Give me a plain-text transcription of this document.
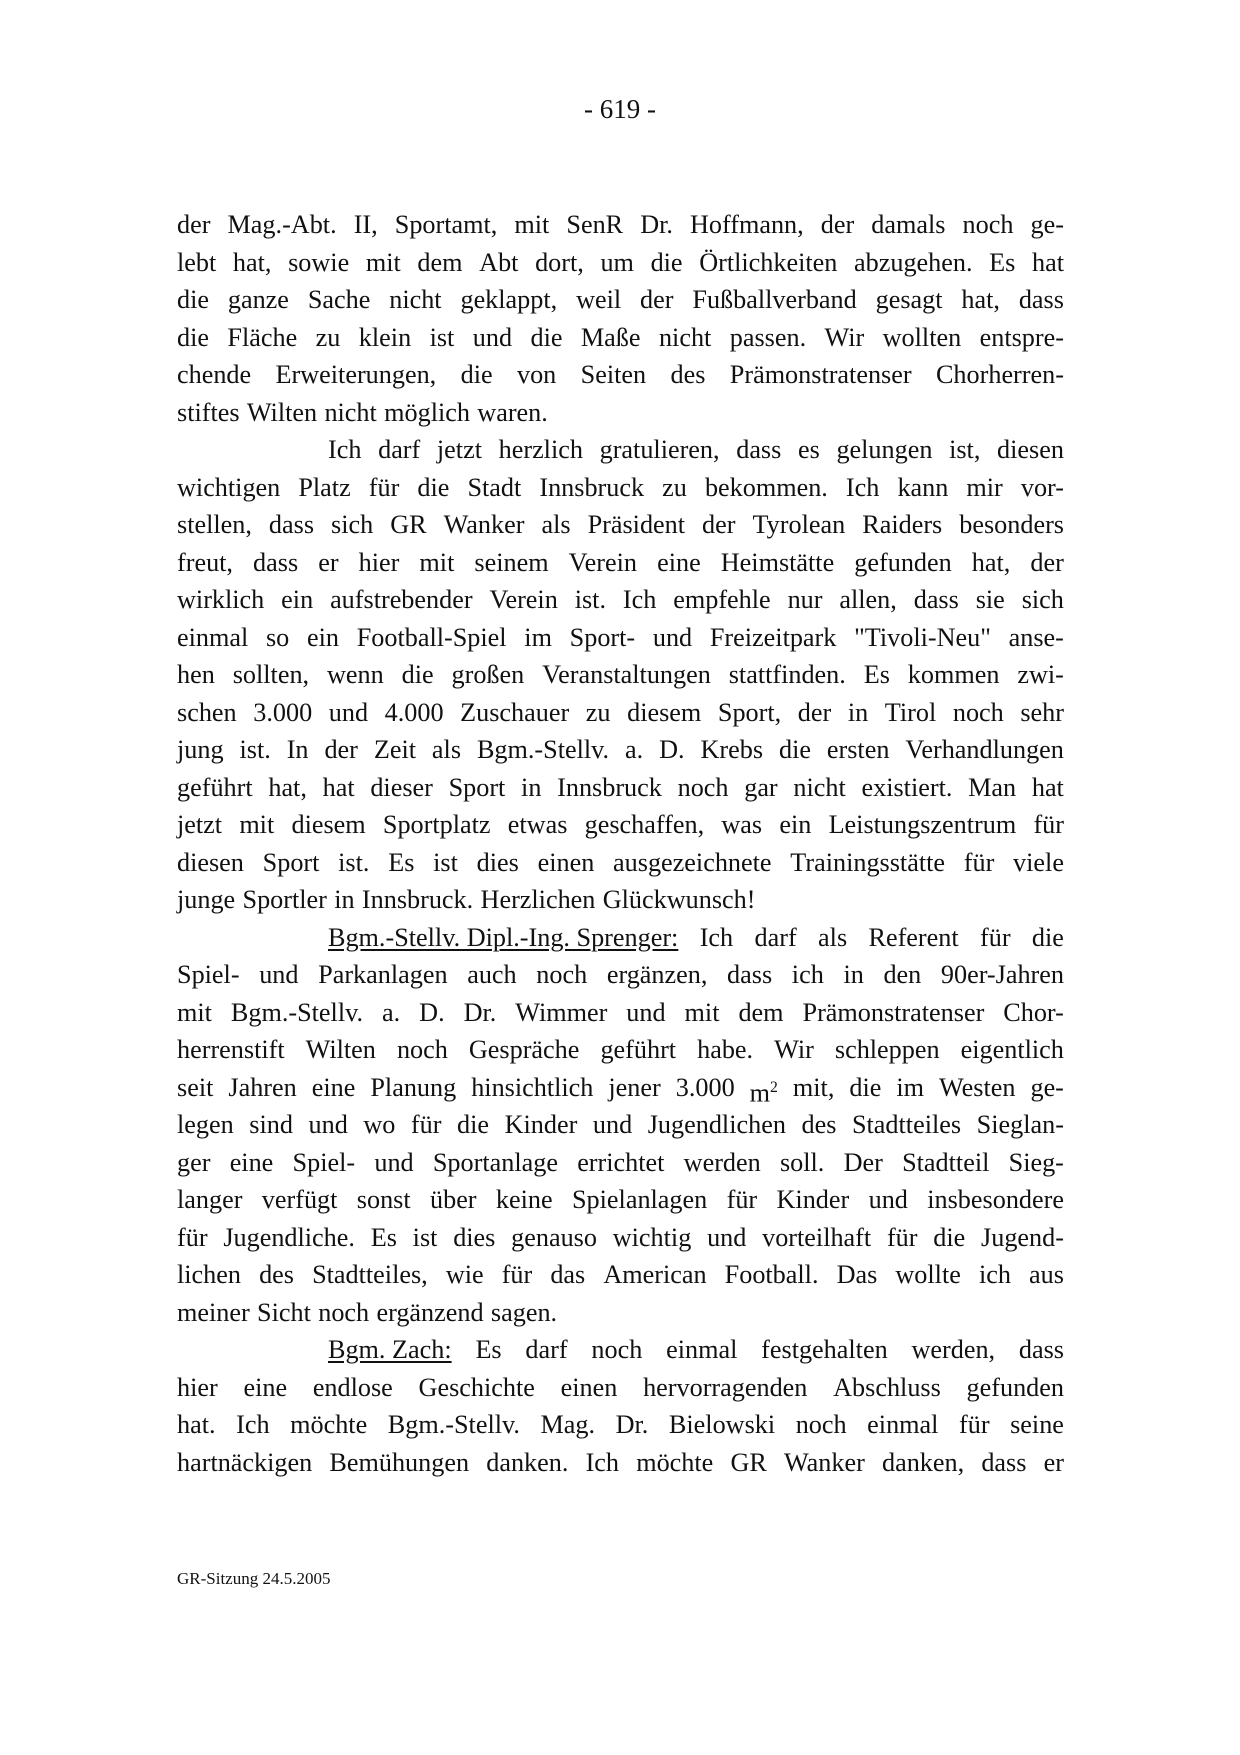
- 619 -
der Mag.-Abt. II, Sportamt, mit SenR Dr. Hoffmann, der damals noch ge-
lebt hat, sowie mit dem Abt dort, um die Örtlichkeiten abzugehen. Es hat
die ganze Sache nicht geklappt, weil der Fußballverband gesagt hat, dass
die Fläche zu klein ist und die Maße nicht passen. Wir wollten entspre-
chende Erweiterungen, die von Seiten des Prämonstratenser Chorherren-
stiftes Wilten nicht möglich waren.
Ich darf jetzt herzlich gratulieren, dass es gelungen ist, diesen
wichtigen Platz für die Stadt Innsbruck zu bekommen. Ich kann mir vor-
stellen, dass sich GR Wanker als Präsident der Tyrolean Raiders besonders
freut, dass er hier mit seinem Verein eine Heimstätte gefunden hat, der
wirklich ein aufstrebender Verein ist. Ich empfehle nur allen, dass sie sich
einmal so ein Football-Spiel im Sport- und Freizeitpark "Tivoli-Neu" anse-
hen sollten, wenn die großen Veranstaltungen stattfinden. Es kommen zwi-
schen 3.000 und 4.000 Zuschauer zu diesem Sport, der in Tirol noch sehr
jung ist. In der Zeit als Bgm.-Stellv. a. D. Krebs die ersten Verhandlungen
geführt hat, hat dieser Sport in Innsbruck noch gar nicht existiert. Man hat
jetzt mit diesem Sportplatz etwas geschaffen, was ein Leistungszentrum für
diesen Sport ist. Es ist dies einen ausgezeichnete Trainingsstätte für viele
junge Sportler in Innsbruck. Herzlichen Glückwunsch!
Bgm.-Stellv. Dipl.-Ing. Sprenger: Ich darf als Referent für die
Spiel- und Parkanlagen auch noch ergänzen, dass ich in den 90er-Jahren
mit Bgm.-Stellv. a. D. Dr. Wimmer und mit dem Prämonstratenser Chor-
herrenstift Wilten noch Gespräche geführt habe. Wir schleppen eigentlich
seit Jahren eine Planung hinsichtlich jener 3.000 $m^2$ mit, die im Westen ge-
legen sind und wo für die Kinder und Jugendlichen des Stadtteiles Sieglan-
ger eine Spiel- und Sportanlage errichtet werden soll. Der Stadtteil Sieg-
langer verfügt sonst über keine Spielanlagen für Kinder und insbesondere
für Jugendliche. Es ist dies genauso wichtig und vorteilhaft für die Jugend-
lichen des Stadtteiles, wie für das American Football. Das wollte ich aus
meiner Sicht noch ergänzend sagen.
Bgm. Zach: Es darf noch einmal festgehalten werden, dass
hier eine endlose Geschichte einen hervorragenden Abschluss gefunden
hat. Ich möchte Bgm.-Stellv. Mag. Dr. Bielowski noch einmal für seine
hartnäckigen Bemühungen danken. Ich möchte GR Wanker danken, dass er
GR-Sitzung 24.5.2005
